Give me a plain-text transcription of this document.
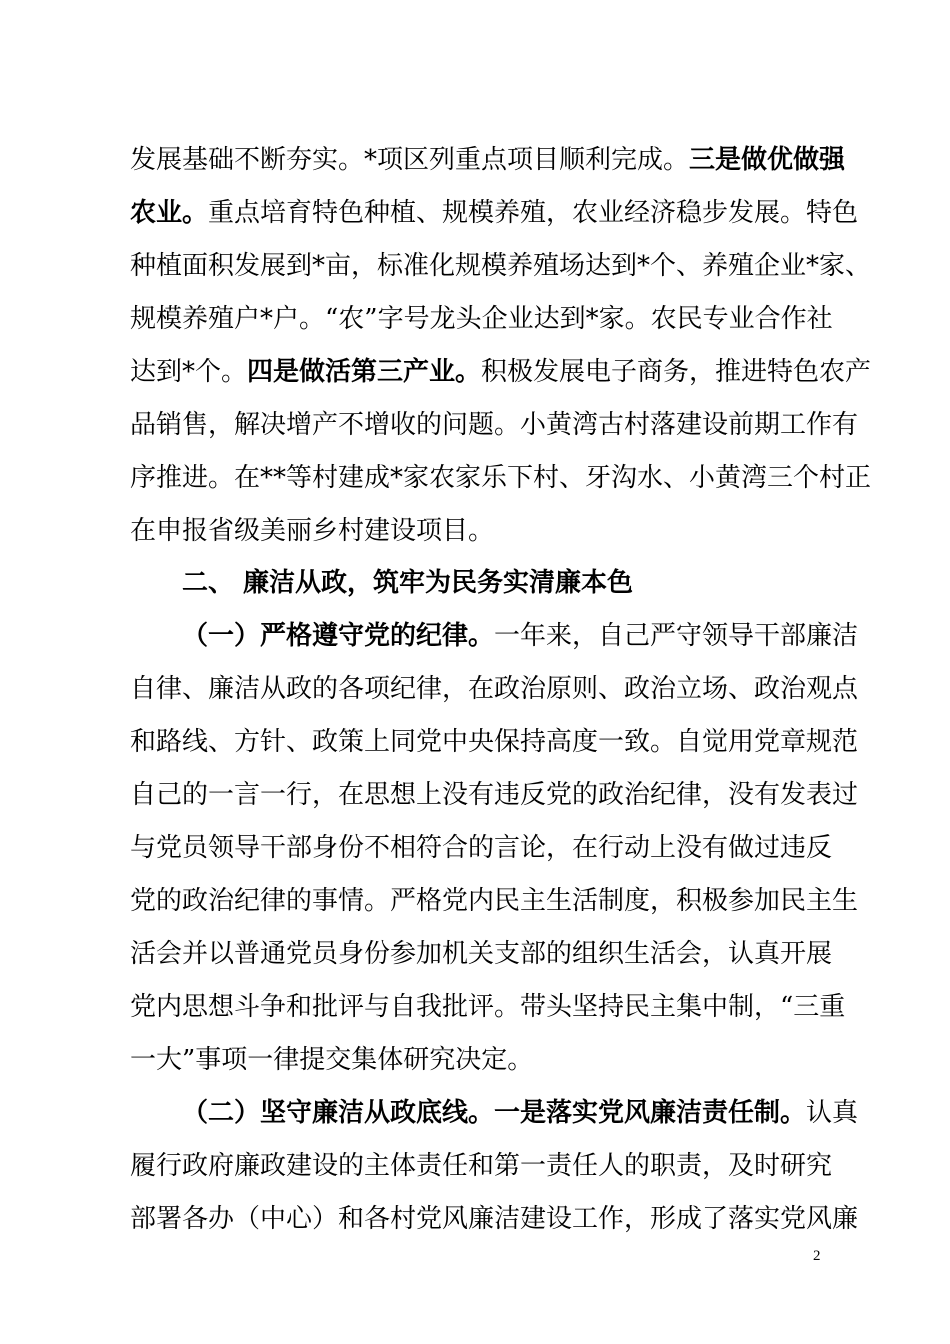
发展基础不断夯实。*项区列重点项目顺利完成。三是做优做强
农业。重点培育特色种植、规模养殖，农业经济稳步发展。特色
种植面积发展到*亩，标准化规模养殖场达到*个、养殖企业*家、
规模养殖户*户。“农”字号龙头企业达到*家。农民专业合作社
达到*个。四是做活第三产业。积极发展电子商务，推进特色农产
品销售，解决增产不增收的问题。小黄湾古村落建设前期工作有
序推进。在**等村建成*家农家乐下村、牙沟水、小黄湾三个村正
在申报省级美丽乡村建设项目。
二、 廉洁从政，筑牢为民务实清廉本色
（一）严格遵守党的纪律。一年来，自己严守领导干部廉洁
自律、廉洁从政的各项纪律，在政治原则、政治立场、政治观点
和路线、方针、政策上同党中央保持高度一致。自觉用党章规范
自己的一言一行，在思想上没有违反党的政治纪律，没有发表过
与党员领导干部身份不相符合的言论，在行动上没有做过违反
党的政治纪律的事情。严格党内民主生活制度，积极参加民主生
活会并以普通党员身份参加机关支部的组织生活会，认真开展
党内思想斗争和批评与自我批评。带头坚持民主集中制，“三重
一大”事项一律提交集体研究决定。
（二）坚守廉洁从政底线。一是落实党风廉洁责任制。认真
履行政府廉政建设的主体责任和第一责任人的职责，及时研究
部署各办（中心）和各村党风廉洁建设工作，形成了落实党风廉
2
